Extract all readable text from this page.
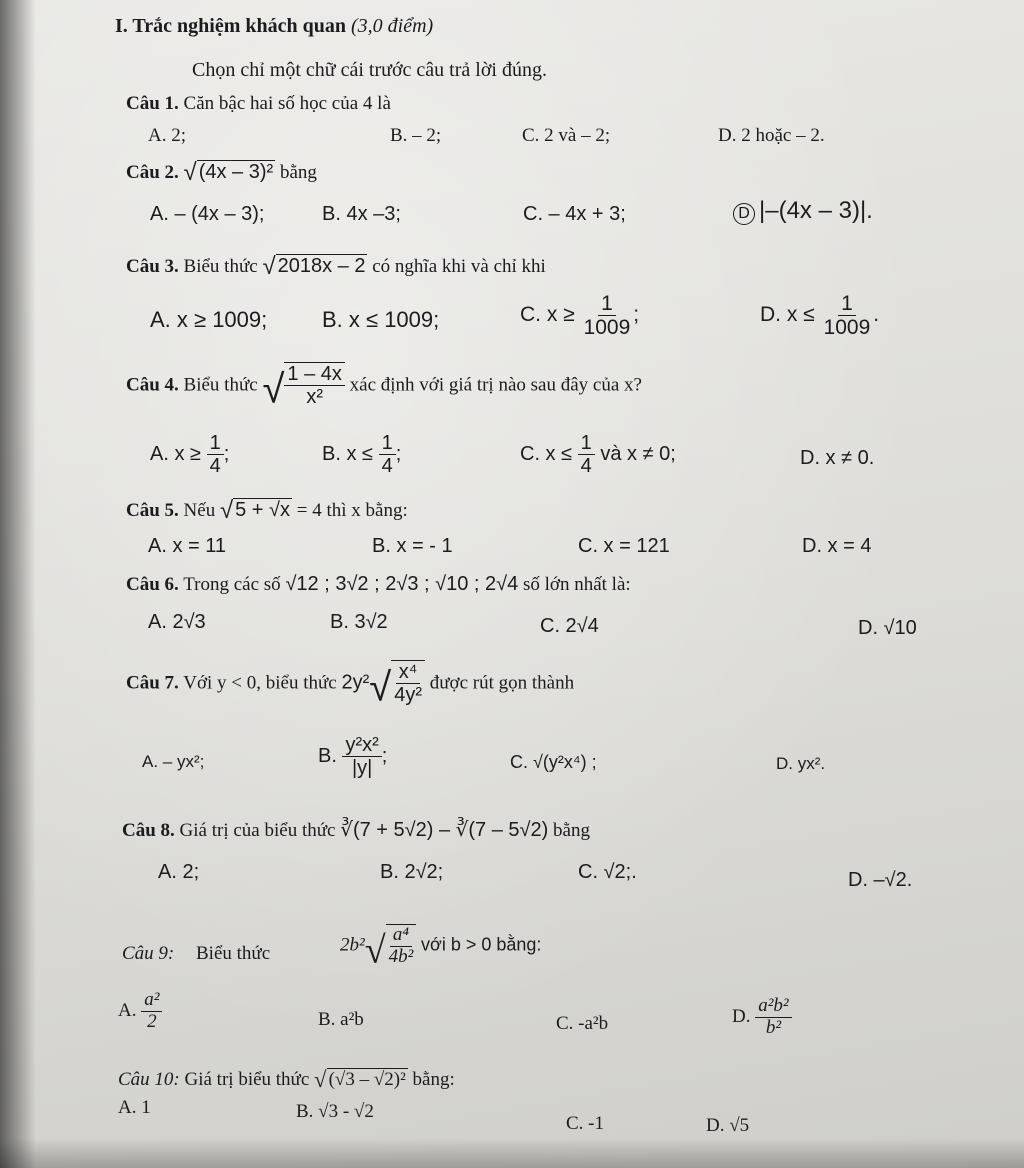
I. Trắc nghiệm khách quan (3,0 điểm)
Chọn chỉ một chữ cái trước câu trả lời đúng.
Câu 1. Căn bậc hai số học của 4 là
A. 2;	B. – 2;	C. 2 và – 2;	D. 2 hoặc – 2.
Câu 2. √ (4x – 3)² bằng
A. – (4x – 3);	B. 4x –3;	C. – 4x + 3;	D |–(4x – 3)|.
Câu 3. Biểu thức √ 2018x – 2 có nghĩa khi và chỉ khi
A. x ≥ 1009; B. x ≤ 1009;	C. $x \ge \frac{1}{1009}$ ;	D. $x \le \frac{1}{1009}$ .
Câu 4. Biểu thức √ $\frac{1 - 4x}{\text{x²}}$ xác định với giá trị nào sau đây của x?
A. $x \ge \frac{1}{4}$ ;	B. $x \le \frac{1}{4}$ ;	C. $x \le \frac{1}{4}$ và x ≠ 0;	D. x ≠ 0.
Câu 5. Nếu √ 5 + √x = 4 thì x bằng:
A. x = 11	B. x = - 1	C. x = 121	D. x = 4
Câu 6. Trong các số √12 ; 3√2 ; 2√3 ; √10 ; 2√4 số lớn nhất là:
A. 2√3	B. 3√2	C. 2√4	D. √10
Câu 7. Với y < 0, biểu thức $2y^2√ \frac{\text{x⁴}}{\text{4y²}}$ được rút gọn thành
A. – yx²;	B. $\frac{\text{y²x²}}{|y|}$ ;	C. √(y²x⁴) ;	D. yx².
Câu 8. Giá trị của biểu thức ∛(7 + 5√2) – ∛(7 – 5√2) bằng
A. 2;	B. 2√2;	C. √2;.	D. –√2.
Câu 9: Biểu thức	$2b^2√ \frac{\text{a⁴}}{\text{4b²}}$ với b > 0 bằng:
A. $\frac{\text{a²}}{2}$	B. a²b	C. -a²b	D. $\frac{\text{a²b²}}{\text{b²}}$
Câu 10: Giá trị biểu thức √ (√3 – √2)² bằng:
A. 1	B. √3 - √2
C. -1	D. √5
